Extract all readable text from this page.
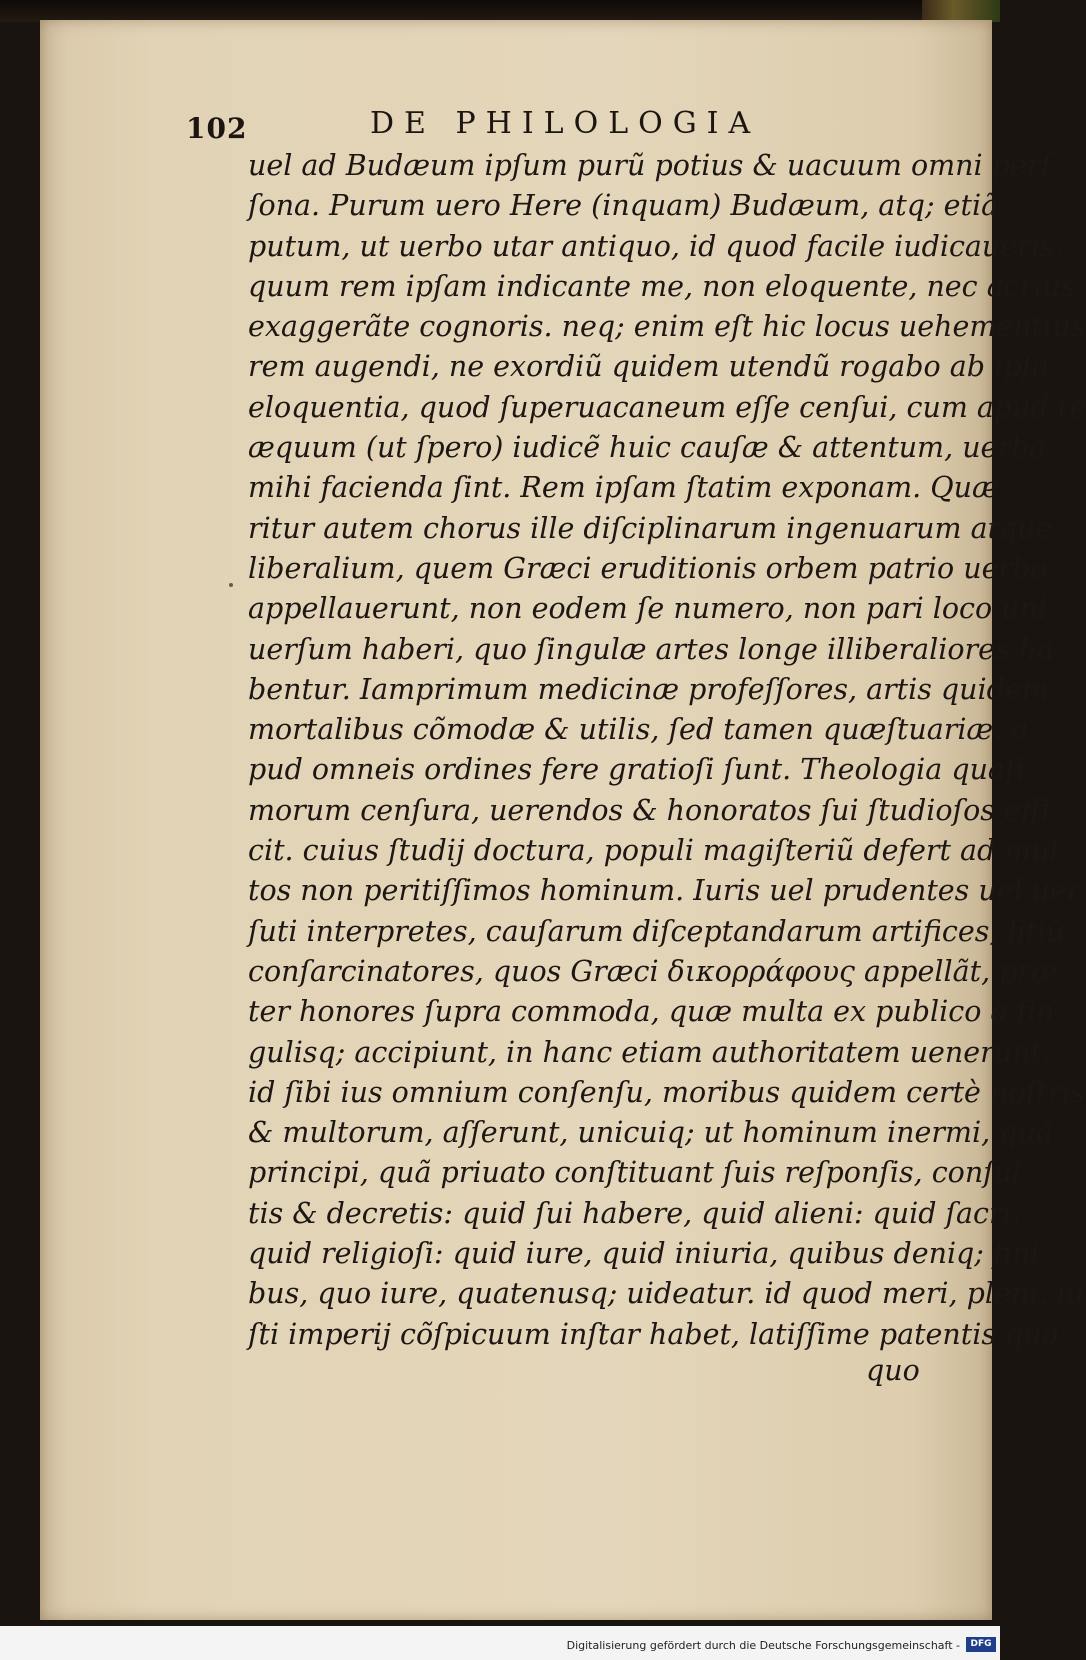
102	DE PHILOLOGIA
uel ad Budæum ipſum purũ potius & uacuum omni perſ
ſona. Purum uero Here (inquam) Budæum, atq; etiã
putum, ut uerbo utar antiquo, id quod facile iudicaueris,
quum rem ipſam indicante me, non eloquente, nec acrius
exaggerãte cognoris. neq; enim eſt hic locus uehementius
rem augendi, ne exordiũ quidem utendũ rogabo ab ipſa
eloquentia, quod ſuperuacaneum eſſe cenſui, cum apud te
æquum (ut ſpero) iudicẽ huic cauſæ & attentum, uerba
mihi facienda ſint. Rem ipſam ſtatim exponam. Quæ
ritur autem chorus ille diſciplinarum ingenuarum atque
liberalium, quem Græci eruditionis orbem patrio uerbo
appellauerunt, non eodem ſe numero, non pari loco uni
uerſum haberi, quo ſingulæ artes longe illiberaliores ha
bentur. Iamprimum medicinæ profeſſores, artis quidem
mortalibus cõmodæ & utilis, ſed tamen quæſtuariæ, a
pud omneis ordines fere gratioſi ſunt. Theologia quaſi
morum cenſura, uerendos & honoratos ſui ſtudioſos effi
cit. cuius ſtudij doctura, populi magiſteriũ defert ad mul
tos non peritiſſimos hominum. Iuris uel prudentes uel uer
ſuti interpretes, cauſarum diſceptandarum artifices, litiũ
conſarcinatores, quos Græci δικορράφους appellãt, præ
ter honores ſupra commoda, quæ multa ex publico à ſin
gulisq; accipiunt, in hanc etiam authoritatem uenerunt,
id ſibi ius omnium conſenſu, moribus quidem certè noſtris
& multorum, aſſerunt, unicuiq; ut hominum inermi, quã
principi, quã priuato conſtituant ſuis reſponſis, conſul
tis & decretis: quid ſui habere, quid alieni: quid ſacri,
quid religioſi: quid iure, quid iniuria, quibus deniq; fini
bus, quo iure, quatenusq; uideatur. id quod meri, pleni, iu
ſti imperij cõſpicuum inſtar habet, latiſſime patentis quo
quo
Digitalisierung gefördert durch die Deutsche Forschungsgemeinschaft -	DFG
